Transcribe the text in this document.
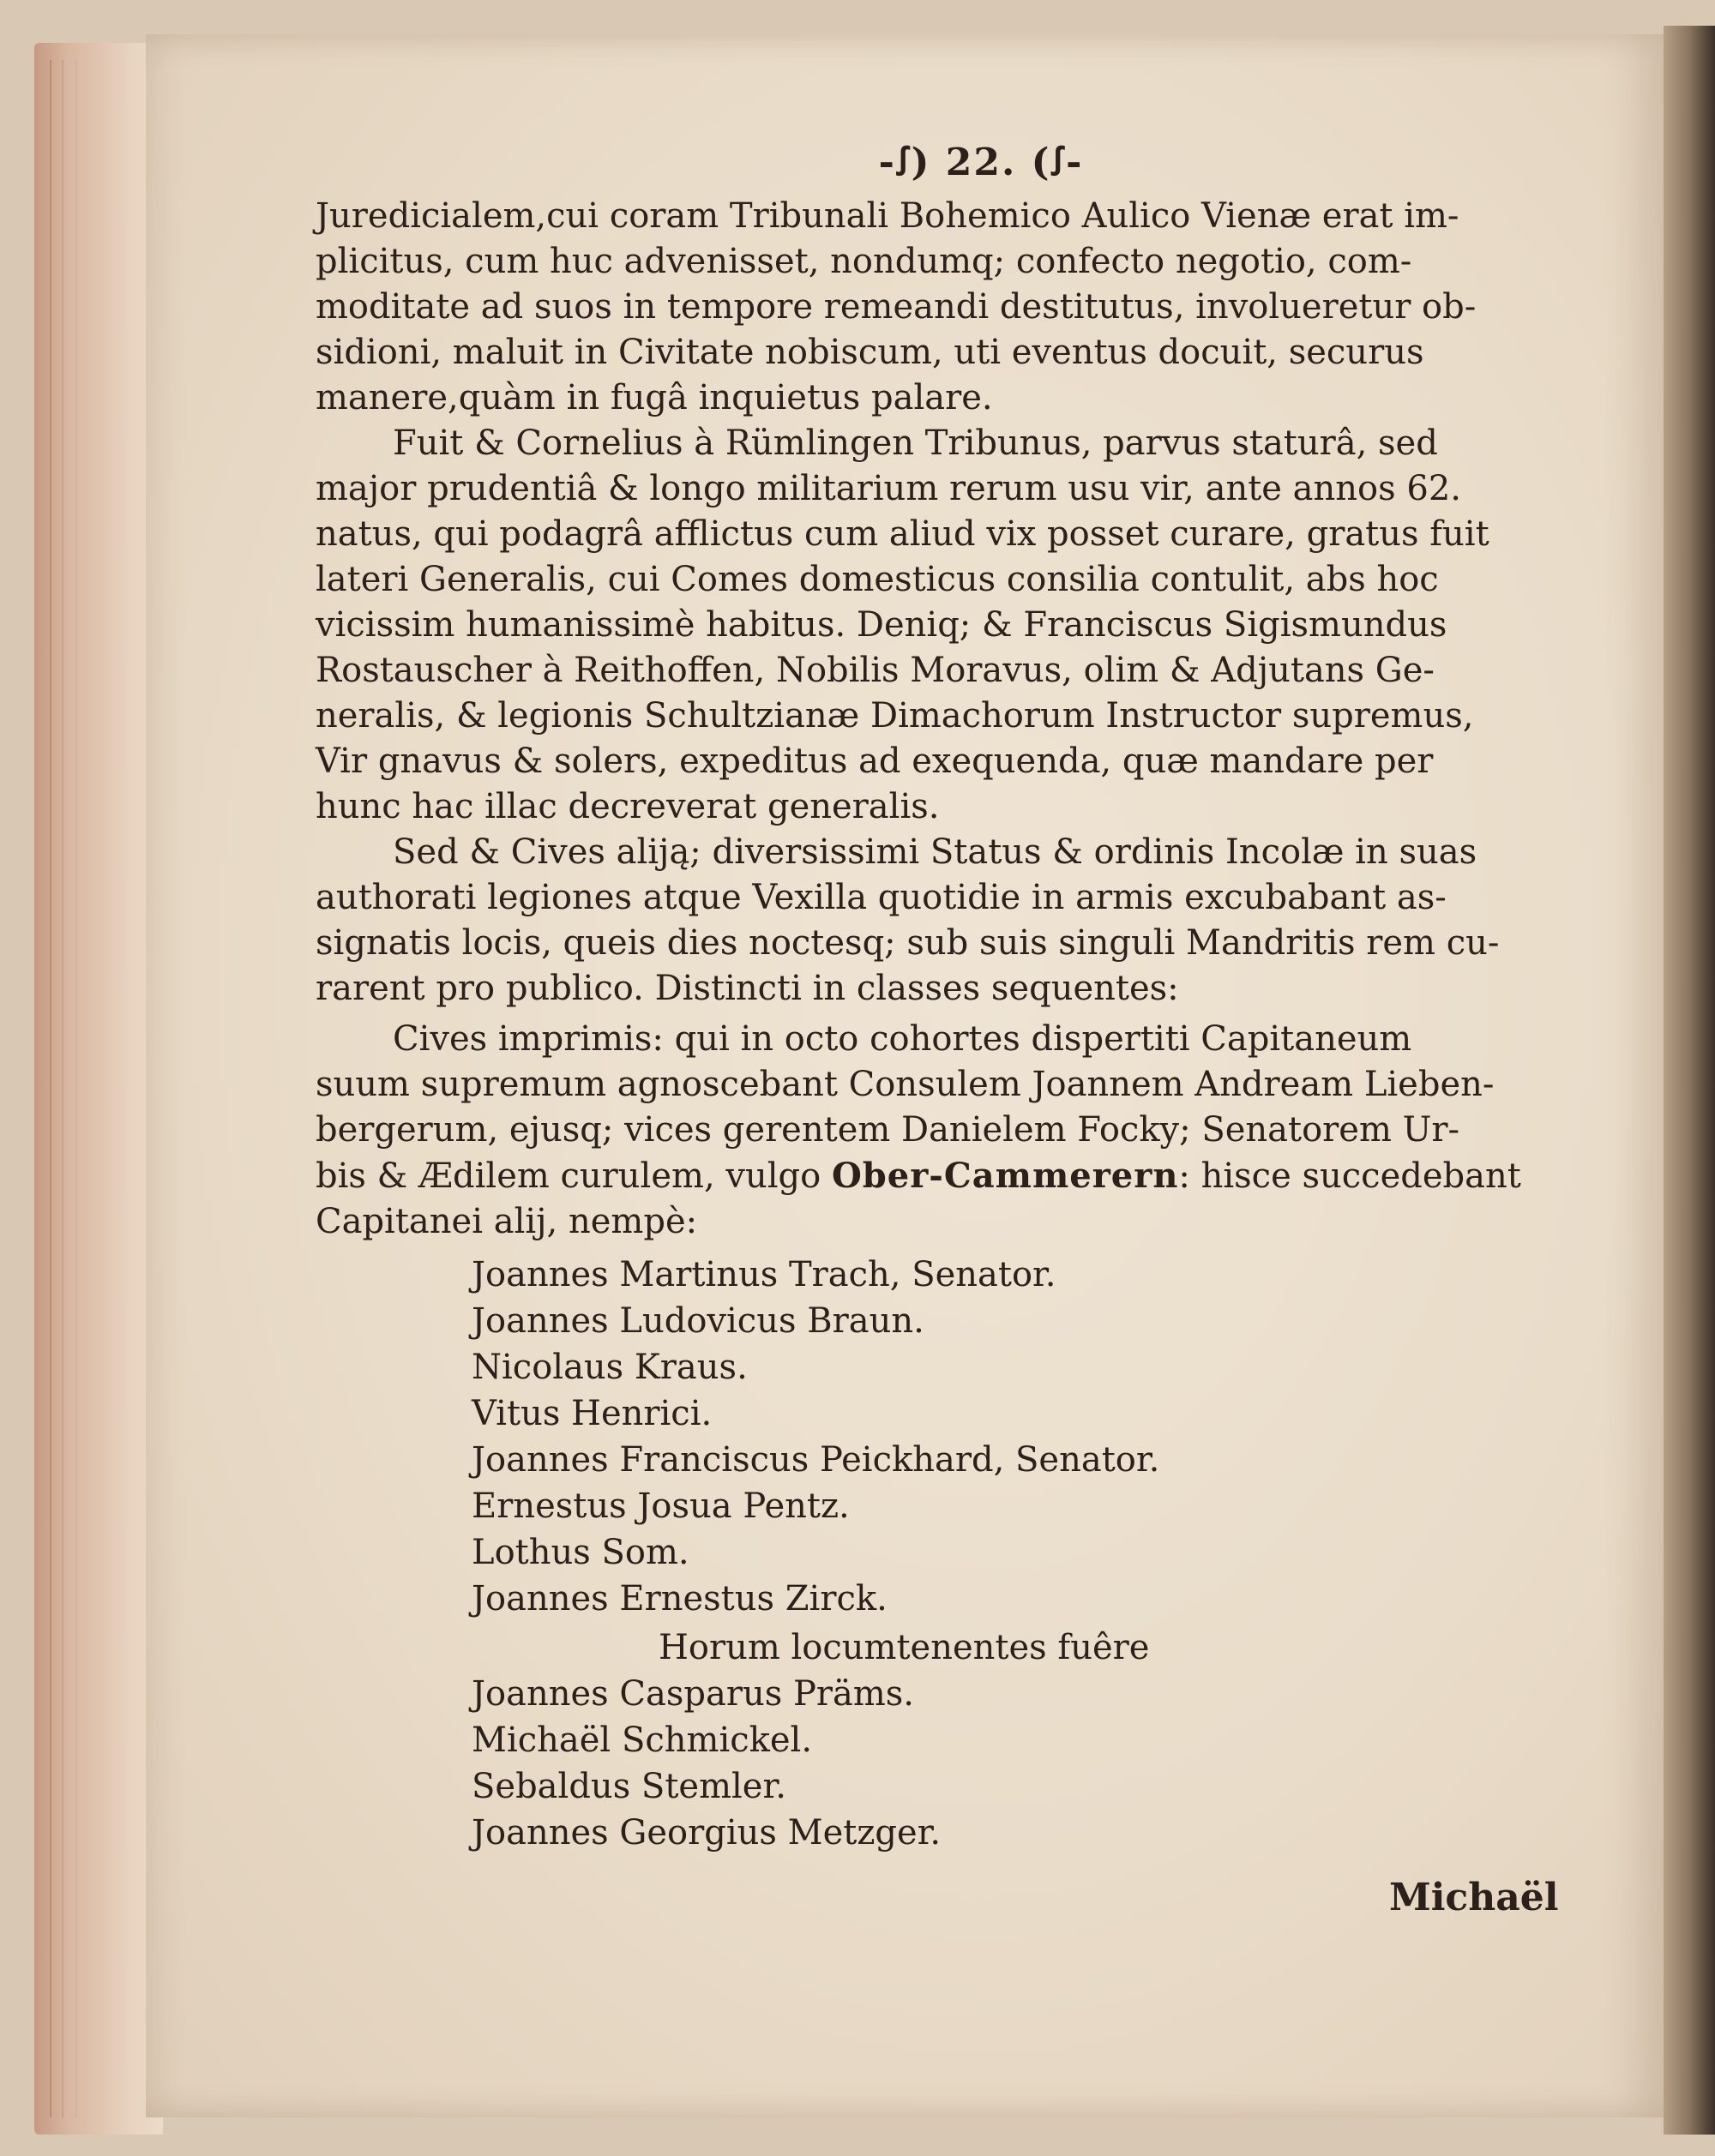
-ꭍ) 22. (ꭍ-
Juredicialem,cui coram Tribunali Bohemico Aulico Vienæ erat im-
plicitus, cum huc advenisset, nondumq; confecto negotio, com-
moditate ad suos in tempore remeandi destitutus, involueretur ob-
sidioni, maluit in Civitate nobiscum, uti eventus docuit, securus
manere,quàm in fugâ inquietus palare.
Fuit & Cornelius à Rümlingen Tribunus, parvus staturâ, sed
major prudentiâ & longo militarium rerum usu vir, ante annos 62.
natus, qui podagrâ afflictus cum aliud vix posset curare, gratus fuit
lateri Generalis, cui Comes domesticus consilia contulit, abs hoc
vicissim humanissimè habitus. Deniq; & Franciscus Sigismundus
Rostauscher à Reithoffen, Nobilis Moravus, olim & Adjutans Ge-
neralis, & legionis Schultzianæ Dimachorum Instructor supremus,
Vir gnavus & solers, expeditus ad exequenda, quæ mandare per
hunc hac illac decreverat generalis.
Sed & Cives aliją; diversissimi Status & ordinis Incolæ in suas
authorati legiones atque Vexilla quotidie in armis excubabant as-
signatis locis, queis dies noctesq; sub suis singuli Mandritis rem cu-
rarent pro publico. Distincti in classes sequentes:
Cives imprimis: qui in octo cohortes dispertiti Capitaneum
suum supremum agnoscebant Consulem Joannem Andream Lieben-
bergerum, ejusq; vices gerentem Danielem Focky; Senatorem Ur-
bis & Ædilem curulem, vulgo Ober-Cammerern: hisce succedebant
Capitanei alij, nempè:
Joannes Martinus Trach, Senator.
Joannes Ludovicus Braun.
Nicolaus Kraus.
Vitus Henrici.
Joannes Franciscus Peickhard, Senator.
Ernestus Josua Pentz.
Lothus Som.
Joannes Ernestus Zirck.
Horum locumtenentes fuêre
Joannes Casparus Präms.
Michaël Schmickel.
Sebaldus Stemler.
Joannes Georgius Metzger.
Michaël
